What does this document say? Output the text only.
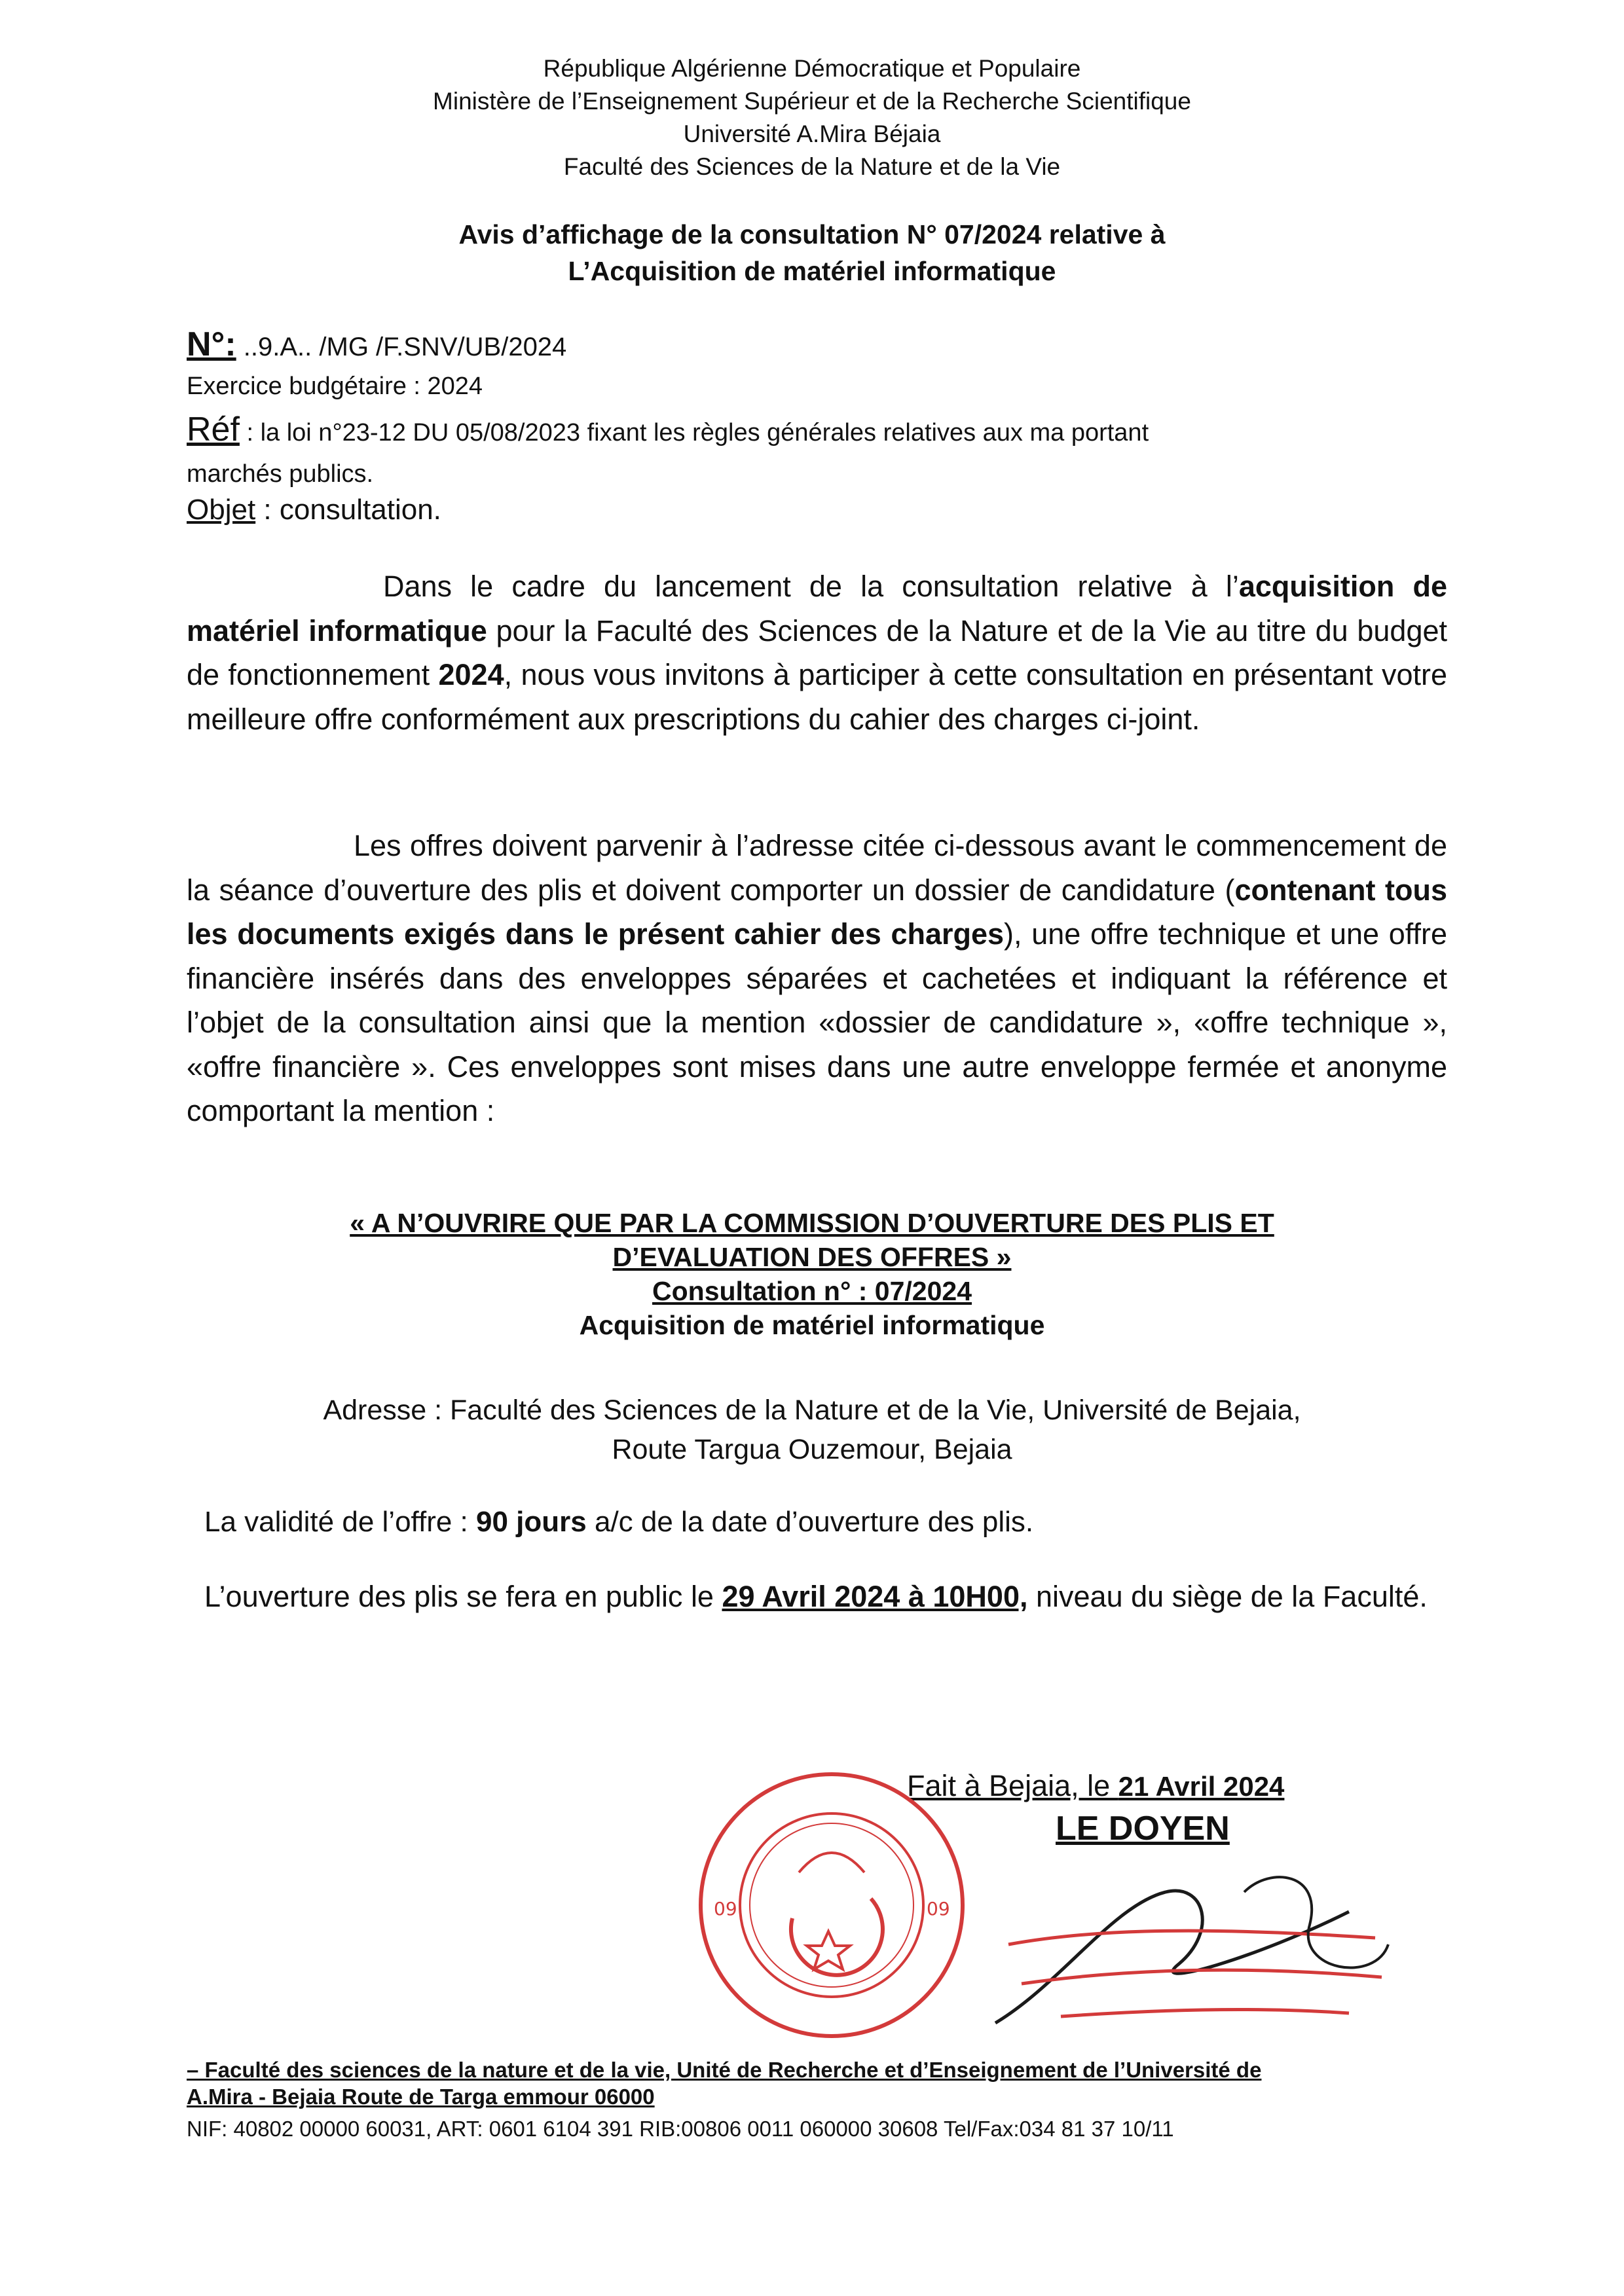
République Algérienne Démocratique et Populaire
Ministère de l’Enseignement Supérieur et de la Recherche Scientifique
Université A.Mira Béjaia
Faculté des Sciences de la Nature et de la Vie
Avis d’affichage de la consultation N° 07/2024 relative à
L’Acquisition de matériel informatique
N°: ..9.A.. /MG /F.SNV/UB/2024
Exercice budgétaire : 2024
Réf : la loi n°23-12 DU 05/08/2023 fixant les règles générales relatives aux ma portant
marchés publics.
Objet : consultation.
Dans le cadre du lancement de la consultation relative à l’acquisition de matériel informatique pour la Faculté des Sciences de la Nature et de la Vie au titre du budget de fonctionnement 2024, nous vous invitons à participer à cette consultation en présentant votre meilleure offre conformément aux prescriptions du cahier des charges ci-joint.
Les offres doivent parvenir à l’adresse citée ci-dessous avant le commencement de la séance d’ouverture des plis et doivent comporter un dossier de candidature (contenant tous les documents exigés dans le présent cahier des charges), une offre technique et une offre financière insérés dans des enveloppes séparées et cachetées et indiquant la référence et l’objet de la consultation ainsi que la mention «dossier de candidature », «offre technique », «offre financière ». Ces enveloppes sont mises dans une autre enveloppe fermée et anonyme comportant la mention :
« A N’OUVRIRE QUE PAR LA COMMISSION D’OUVERTURE DES PLIS ET
D’EVALUATION DES OFFRES »
Consultation n° : 07/2024
Acquisition de matériel informatique
Adresse : Faculté des Sciences de la Nature et de la Vie, Université de Bejaia,
Route Targua Ouzemour, Bejaia
La validité de l’offre : 90 jours a/c de la date d’ouverture des plis.
L’ouverture des plis se fera en public le 29 Avril 2024 à 10H00, niveau du siège de la Faculté.
Fait à Bejaia, le 21 Avril 2024
LE DOYEN
09	09
– Faculté des sciences de la nature et de la vie, Unité de Recherche et d’Enseignement de l’Université de
A.Mira - Bejaia Route de Targa emmour 06000
NIF: 40802 00000 60031, ART: 0601 6104 391 RIB:00806 0011 060000 30608 Tel/Fax:034 81 37 10/11
